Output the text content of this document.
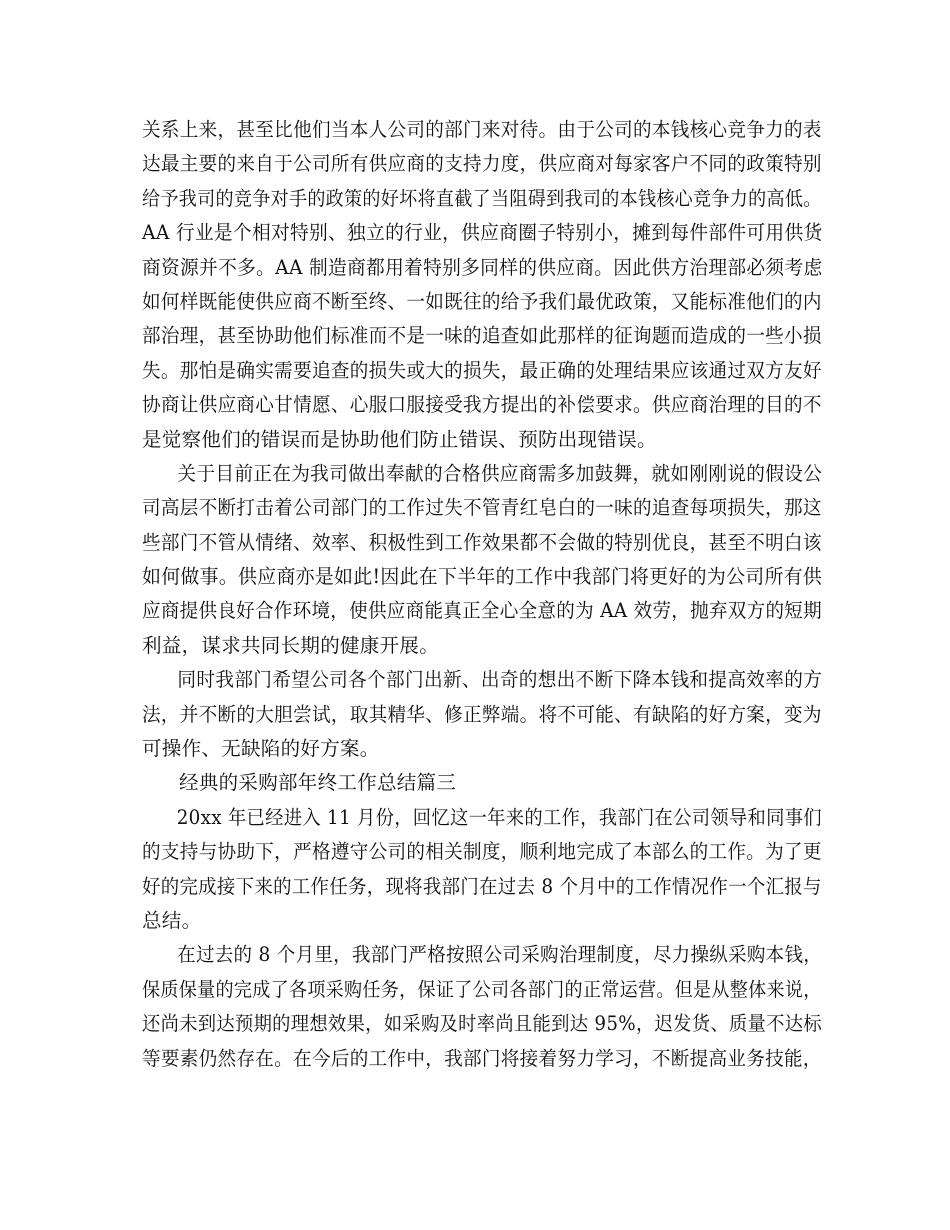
关系上来，甚至比他们当本人公司的部门来对待。由于公司的本钱核心竞争力的表
达最主要的来自于公司所有供应商的支持力度，供应商对每家客户不同的政策特别
给予我司的竞争对手的政策的好坏将直截了当阻碍到我司的本钱核心竞争力的高低。
AA 行业是个相对特别、独立的行业，供应商圈子特别小，摊到每件部件可用供货
商资源并不多。AA 制造商都用着特别多同样的供应商。因此供方治理部必须考虑
如何样既能使供应商不断至终、一如既往的给予我们最优政策，又能标准他们的内
部治理，甚至协助他们标准而不是一味的追查如此那样的征询题而造成的一些小损
失。那怕是确实需要追查的损失或大的损失，最正确的处理结果应该通过双方友好
协商让供应商心甘情愿、心服口服接受我方提出的补偿要求。供应商治理的目的不
是觉察他们的错误而是协助他们防止错误、预防出现错误。
关于目前正在为我司做出奉献的合格供应商需多加鼓舞，就如刚刚说的假设公
司高层不断打击着公司部门的工作过失不管青红皂白的一味的追查每项损失，那这
些部门不管从情绪、效率、积极性到工作效果都不会做的特别优良，甚至不明白该
如何做事。供应商亦是如此!因此在下半年的工作中我部门将更好的为公司所有供
应商提供良好合作环境，使供应商能真正全心全意的为 AA 效劳，抛弃双方的短期
利益，谋求共同长期的健康开展。
同时我部门希望公司各个部门出新、出奇的想出不断下降本钱和提高效率的方
法，并不断的大胆尝试，取其精华、修正弊端。将不可能、有缺陷的好方案，变为
可操作、无缺陷的好方案。
经典的采购部年终工作总结篇三
20xx 年已经进入 11 月份，回忆这一年来的工作，我部门在公司领导和同事们
的支持与协助下，严格遵守公司的相关制度，顺利地完成了本部么的工作。为了更
好的完成接下来的工作任务，现将我部门在过去 8 个月中的工作情况作一个汇报与
总结。
在过去的 8 个月里，我部门严格按照公司采购治理制度，尽力操纵采购本钱，
保质保量的完成了各项采购任务，保证了公司各部门的正常运营。但是从整体来说，
还尚未到达预期的理想效果，如采购及时率尚且能到达 95%，迟发货、质量不达标
等要素仍然存在。在今后的工作中，我部门将接着努力学习，不断提高业务技能，
